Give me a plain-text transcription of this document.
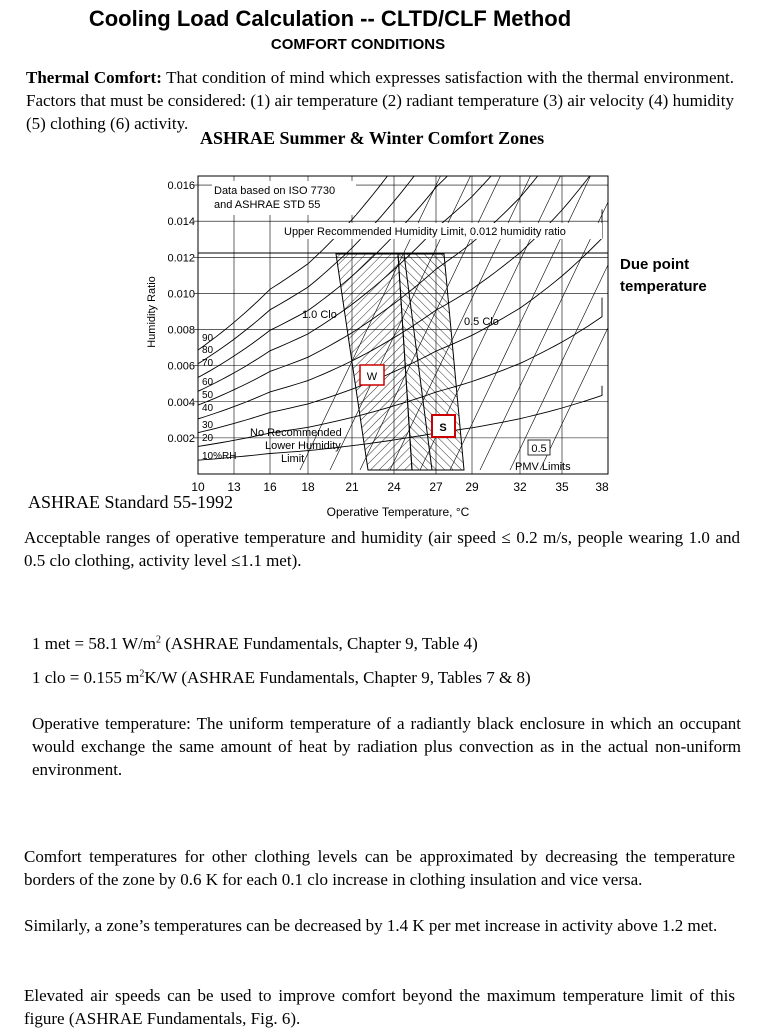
Cooling Load Calculation -- CLTD/CLF Method
COMFORT CONDITIONS
Thermal Comfort: That condition of mind which expresses satisfaction with the thermal environment. Factors that must be considered: (1) air temperature (2) radiant temperature (3) air velocity (4) humidity (5) clothing (6) activity.
ASHRAE Summer & Winter Comfort Zones
W
S
Data based on ISO 7730
and ASHRAE STD 55
Upper Recommended Humidity Limit, 0.012 humidity ratio
1.0 Clo
0.5 Clo
No Recommended
Lower Humidity
Limit
0.5
PMV Limits
0.016
0.014
0.012
0.010
0.008
0.006
0.004
0.002
10 13 16 18	21 24 27 29	32 35 38
90
80
70
60
50
40
30
20
10%RH
Humidity Ratio
Operative Temperature, °C
Due point temperature
ASHRAE Standard 55-1992
Acceptable ranges of operative temperature and humidity (air speed ≤ 0.2 m/s, people wearing 1.0 and 0.5 clo clothing, activity level ≤1.1 met).
1 met = 58.1 $W/m^2$ (ASHRAE Fundamentals, Chapter 9, Table 4)
1 clo = 0.155 $m^2K/W$ (ASHRAE Fundamentals, Chapter 9, Tables 7 & 8)
Operative temperature: The uniform temperature of a radiantly black enclosure in which an occupant would exchange the same amount of heat by radiation plus convection as in the actual non-uniform environment.
Comfort temperatures for other clothing levels can be approximated by decreasing the temperature borders of the zone by 0.6 K for each 0.1 clo increase in clothing insulation and vice versa.
Similarly, a zone’s temperatures can be decreased by 1.4 K per met increase in activity above 1.2 met.
Elevated air speeds can be used to improve comfort beyond the maximum temperature limit of this figure (ASHRAE Fundamentals, Fig. 6).
